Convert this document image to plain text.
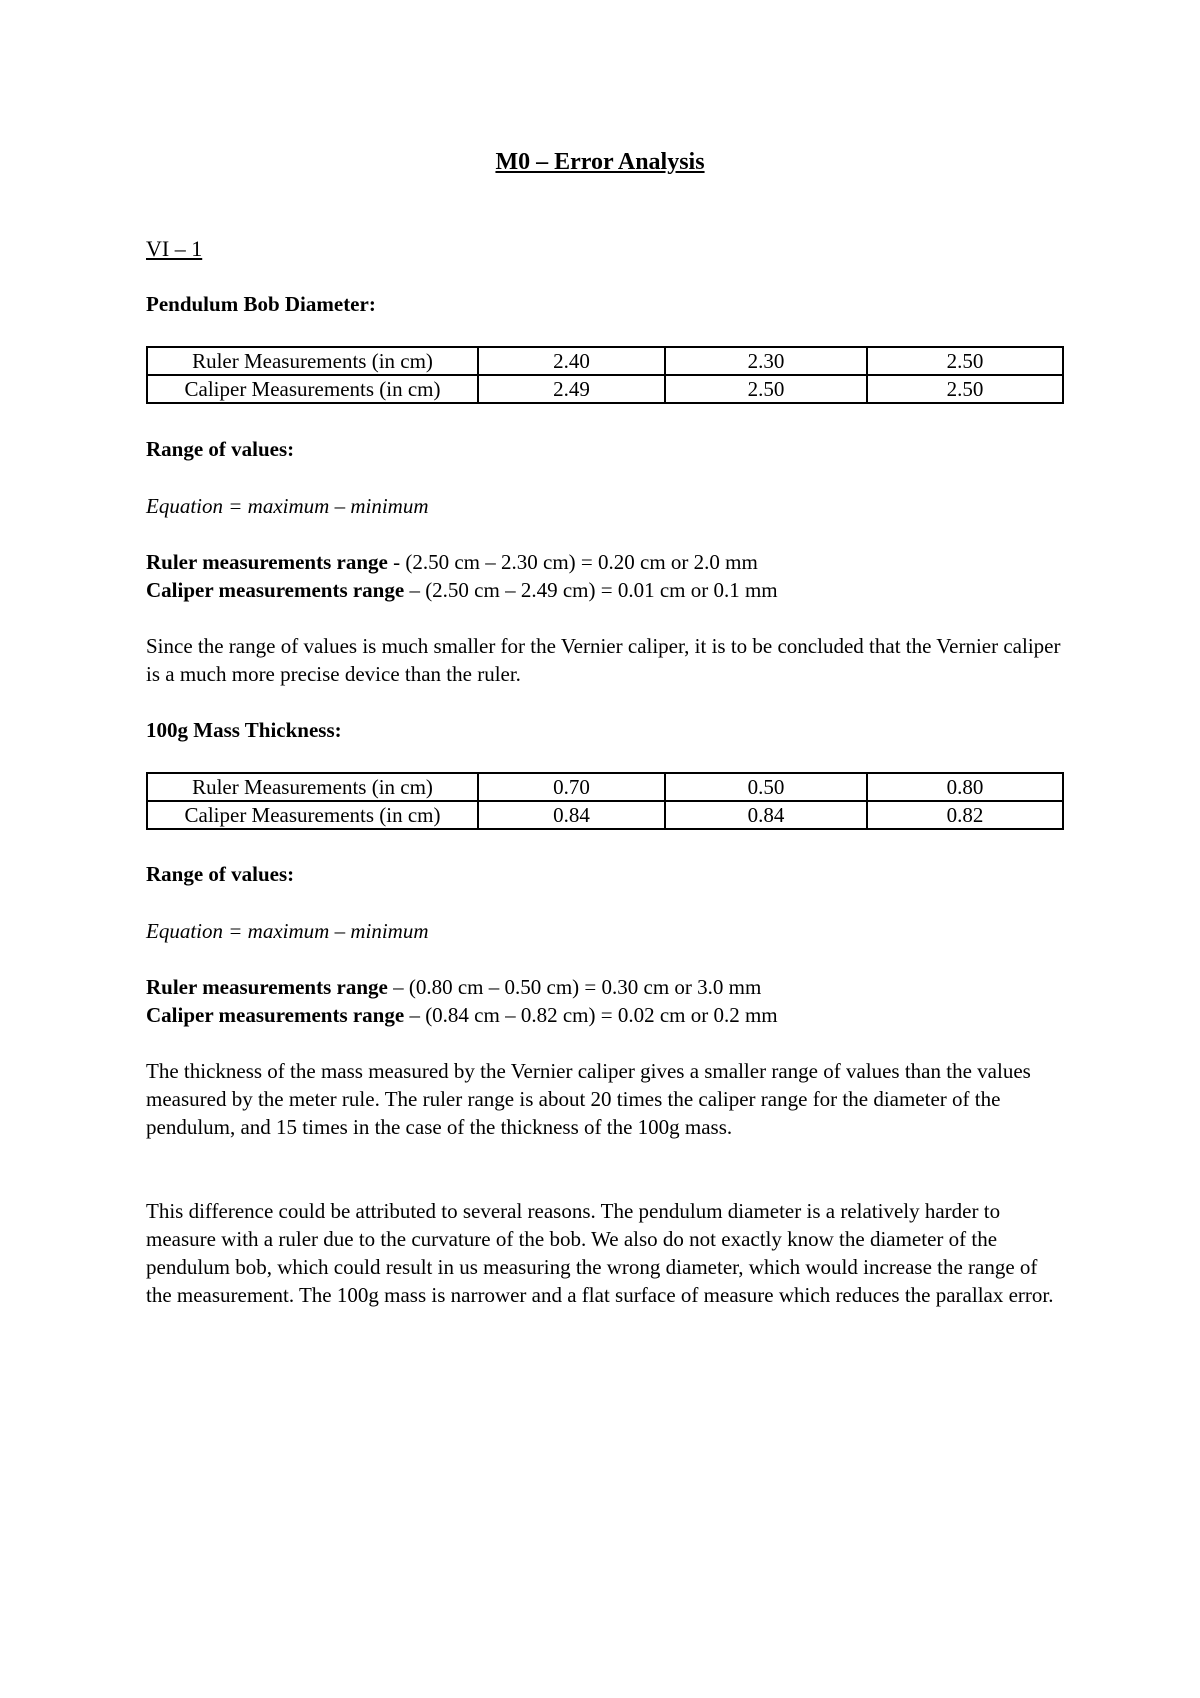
M0 – Error Analysis
VI – 1
Pendulum Bob Diameter:
Ruler Measurements (in cm)	2.40	2.30	2.50
Caliper Measurements (in cm)	2.49	2.50	2.50
Range of values:
Equation = maximum – minimum
Ruler measurements range - (2.50 cm – 2.30 cm) = 0.20 cm or 2.0 mm
Caliper measurements range – (2.50 cm – 2.49 cm) = 0.01 cm or 0.1 mm
Since the range of values is much smaller for the Vernier caliper, it is to be concluded that the Vernier caliper is a much more precise device than the ruler.
100g Mass Thickness:
Ruler Measurements (in cm)	0.70	0.50	0.80
Caliper Measurements (in cm)	0.84	0.84	0.82
Range of values:
Equation = maximum – minimum
Ruler measurements range – (0.80 cm – 0.50 cm) = 0.30 cm or 3.0 mm
Caliper measurements range – (0.84 cm – 0.82 cm) = 0.02 cm or 0.2 mm
The thickness of the mass measured by the Vernier caliper gives a smaller range of values than the values measured by the meter rule. The ruler range is about 20 times the caliper range for the diameter of the pendulum, and 15 times in the case of the thickness of the 100g mass.
This difference could be attributed to several reasons. The pendulum diameter is a relatively harder to measure with a ruler due to the curvature of the bob. We also do not exactly know the diameter of the pendulum bob, which could result in us measuring the wrong diameter, which would increase the range of the measurement. The 100g mass is narrower and a flat surface of measure which reduces the parallax error.
